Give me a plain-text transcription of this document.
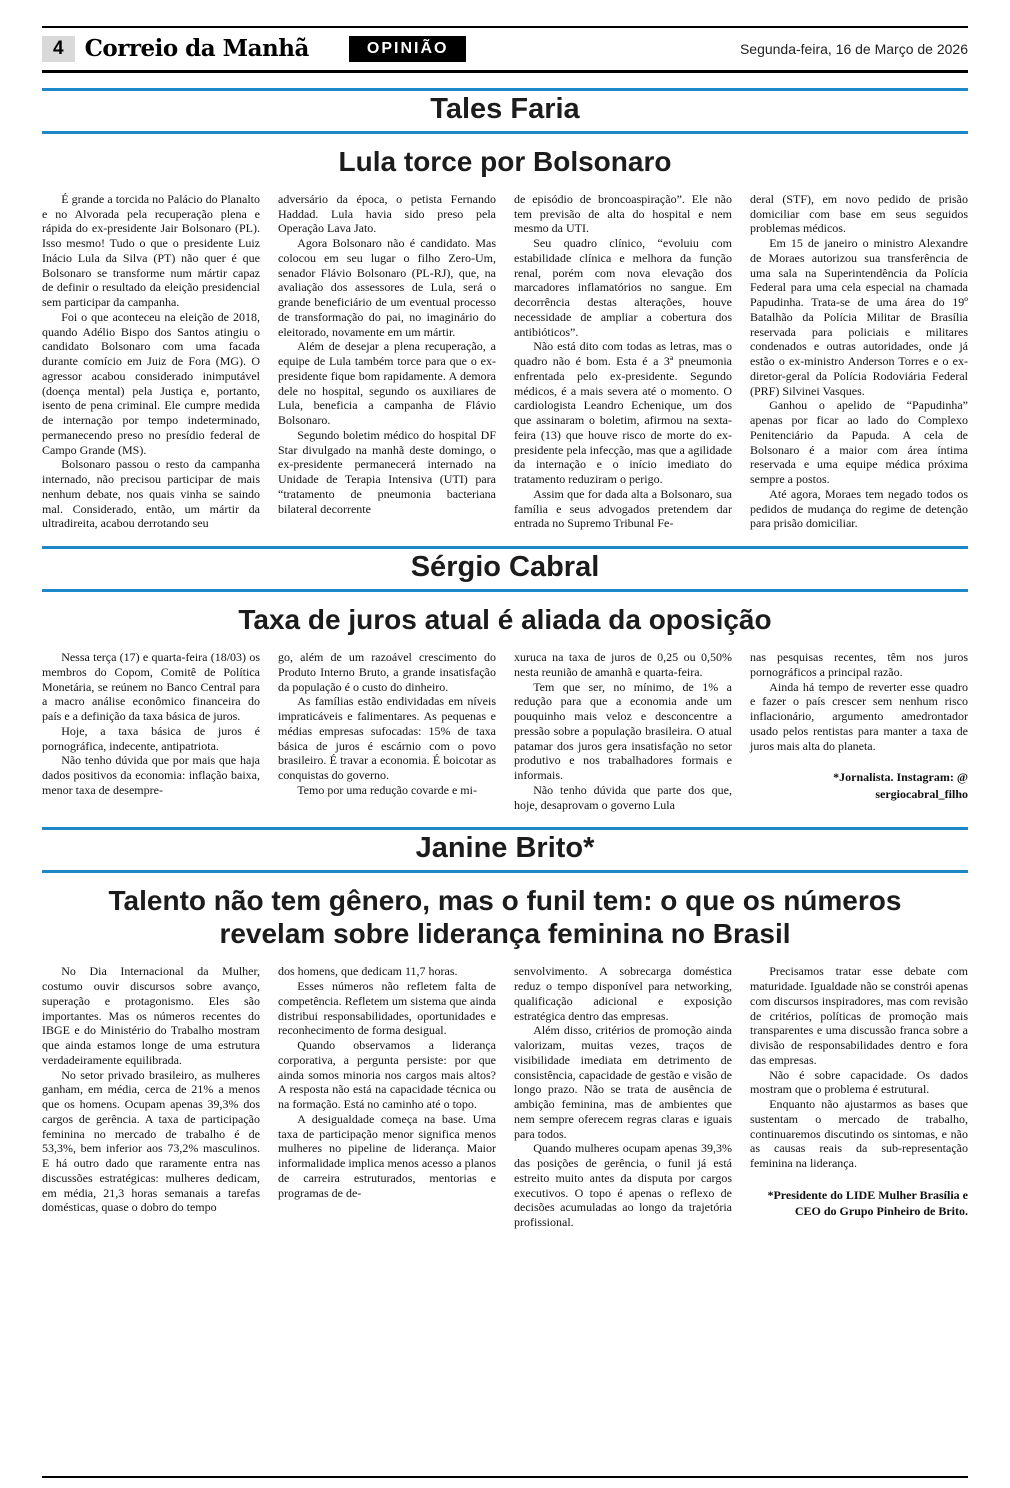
4 Correio da Manhã	OPINIÃO	Segunda-feira, 16 de Março de 2026
Tales Faria
Lula torce por Bolsonaro

É grande a torcida no Palácio do Planalto e no Alvorada pela recuperação plena e rápida do ex-presidente Jair Bolsonaro (PL). Isso mesmo! Tudo o que o presidente Luiz Inácio Lula da Silva (PT) não quer é que Bolsonaro se transforme num mártir capaz de definir o resultado da eleição presidencial sem participar da campanha.

Foi o que aconteceu na eleição de 2018, quando Adélio Bispo dos Santos atingiu o candidato Bolsonaro com uma facada durante comício em Juiz de Fora (MG). O agressor acabou considerado inimputável (doença mental) pela Justiça e, portanto, isento de pena criminal. Ele cumpre medida de internação por tempo indeterminado, permanecendo preso no presídio federal de Campo Grande (MS).

Bolsonaro passou o resto da campanha internado, não precisou participar de mais nenhum debate, nos quais vinha se saindo mal. Considerado, então, um mártir da ultradireita, acabou derrotando seu

adversário da época, o petista Fernando Haddad. Lula havia sido preso pela Operação Lava Jato.

Agora Bolsonaro não é candidato. Mas colocou em seu lugar o filho Zero-Um, senador Flávio Bolsonaro (PL-RJ), que, na avaliação dos assessores de Lula, será o grande beneficiário de um eventual processo de transformação do pai, no imaginário do eleitorado, novamente em um mártir.

Além de desejar a plena recuperação, a equipe de Lula também torce para que o ex-presidente fique bom rapidamente. A demora dele no hospital, segundo os auxiliares de Lula, beneficia a campanha de Flávio Bolsonaro.

Segundo boletim médico do hospital DF Star divulgado na manhã deste domingo, o ex-presidente permanecerá internado na Unidade de Terapia Intensiva (UTI) para “tratamento de pneumonia bacteriana bilateral decorrente

de episódio de broncoaspiração”. Ele não tem previsão de alta do hospital e nem mesmo da UTI.

Seu quadro clínico, “evoluiu com estabilidade clínica e melhora da função renal, porém com nova elevação dos marcadores inflamatórios no sangue. Em decorrência destas alterações, houve necessidade de ampliar a cobertura dos antibióticos”.

Não está dito com todas as letras, mas o quadro não é bom. Esta é a 3ª pneumonia enfrentada pelo ex-presidente. Segundo médicos, é a mais severa até o momento. O cardiologista Leandro Echenique, um dos que assinaram o boletim, afirmou na sexta-feira (13) que houve risco de morte do ex-presidente pela infecção, mas que a agilidade da internação e o início imediato do tratamento reduziram o perigo.

Assim que for dada alta a Bolsonaro, sua família e seus advogados pretendem dar entrada no Supremo Tribunal Fe-

deral (STF), em novo pedido de prisão domiciliar com base em seus seguidos problemas médicos.

Em 15 de janeiro o ministro Alexandre de Moraes autorizou sua transferência de uma sala na Superintendência da Polícia Federal para uma cela especial na chamada Papudinha. Trata-se de uma área do 19º Batalhão da Polícia Militar de Brasília reservada para policiais e militares condenados e outras autoridades, onde já estão o ex-ministro Anderson Torres e o ex-diretor-geral da Polícia Rodoviária Federal (PRF) Silvinei Vasques.

Ganhou o apelido de “Papudinha” apenas por ficar ao lado do Complexo Penitenciário da Papuda. A cela de Bolsonaro é a maior com área íntima reservada e uma equipe médica próxima sempre a postos.

Até agora, Moraes tem negado todos os pedidos de mudança do regime de detenção para prisão domiciliar.

Sérgio Cabral
Taxa de juros atual é aliada da oposição

Nessa terça (17) e quarta-feira (18/03) os membros do Copom, Comitê de Política Monetária, se reúnem no Banco Central para a macro análise econômico financeira do país e a definição da taxa básica de juros.

Hoje, a taxa básica de juros é pornográfica, indecente, antipatriota.

Não tenho dúvida que por mais que haja dados positivos da economia: inflação baixa, menor taxa de desempre-

go, além de um razoável crescimento do Produto Interno Bruto, a grande insatisfação da população é o custo do dinheiro.

As famílias estão endividadas em níveis impraticáveis e falimentares. As pequenas e médias empresas sufocadas: 15% de taxa básica de juros é escárnio com o povo brasileiro. É travar a economia. É boicotar as conquistas do governo.

Temo por uma redução covarde e mi-

xuruca na taxa de juros de 0,25 ou 0,50% nesta reunião de amanhã e quarta-feira.

Tem que ser, no mínimo, de 1% a redução para que a economia ande um pouquinho mais veloz e desconcentre a pressão sobre a população brasileira. O atual patamar dos juros gera insatisfação no setor produtivo e nos trabalhadores formais e informais.

Não tenho dúvida que parte dos que, hoje, desaprovam o governo Lula

nas pesquisas recentes, têm nos juros pornográficos a principal razão.

Ainda há tempo de reverter esse quadro e fazer o país crescer sem nenhum risco inflacionário, argumento amedrontador usado pelos rentistas para manter a taxa de juros mais alta do planeta.

*Jornalista. Instagram: @ sergiocabral_filho

Janine Brito*
Talento não tem gênero, mas o funil tem: o que os números revelam sobre liderança feminina no Brasil

No Dia Internacional da Mulher, costumo ouvir discursos sobre avanço, superação e protagonismo. Eles são importantes. Mas os números recentes do IBGE e do Ministério do Trabalho mostram que ainda estamos longe de uma estrutura verdadeiramente equilibrada.

No setor privado brasileiro, as mulheres ganham, em média, cerca de 21% a menos que os homens. Ocupam apenas 39,3% dos cargos de gerência. A taxa de participação feminina no mercado de trabalho é de 53,3%, bem inferior aos 73,2% masculinos. E há outro dado que raramente entra nas discussões estratégicas: mulheres dedicam, em média, 21,3 horas semanais a tarefas domésticas, quase o dobro do tempo

dos homens, que dedicam 11,7 horas.

Esses números não refletem falta de competência. Refletem um sistema que ainda distribui responsabilidades, oportunidades e reconhecimento de forma desigual.

Quando observamos a liderança corporativa, a pergunta persiste: por que ainda somos minoria nos cargos mais altos? A resposta não está na capacidade técnica ou na formação. Está no caminho até o topo.

A desigualdade começa na base. Uma taxa de participação menor significa menos mulheres no pipeline de liderança. Maior informalidade implica menos acesso a planos de carreira estruturados, mentorias e programas de de-

senvolvimento. A sobrecarga doméstica reduz o tempo disponível para networking, qualificação adicional e exposição estratégica dentro das empresas.

Além disso, critérios de promoção ainda valorizam, muitas vezes, traços de visibilidade imediata em detrimento de consistência, capacidade de gestão e visão de longo prazo. Não se trata de ausência de ambição feminina, mas de ambientes que nem sempre oferecem regras claras e iguais para todos.

Quando mulheres ocupam apenas 39,3% das posições de gerência, o funil já está estreito muito antes da disputa por cargos executivos. O topo é apenas o reflexo de decisões acumuladas ao longo da trajetória profissional.

Precisamos tratar esse debate com maturidade. Igualdade não se constrói apenas com discursos inspiradores, mas com revisão de critérios, políticas de promoção mais transparentes e uma discussão franca sobre a divisão de responsabilidades dentro e fora das empresas.

Não é sobre capacidade. Os dados mostram que o problema é estrutural.

Enquanto não ajustarmos as bases que sustentam o mercado de trabalho, continuaremos discutindo os sintomas, e não as causas reais da sub-representação feminina na liderança.

*Presidente do LIDE Mulher Brasília e CEO do Grupo Pinheiro de Brito.
